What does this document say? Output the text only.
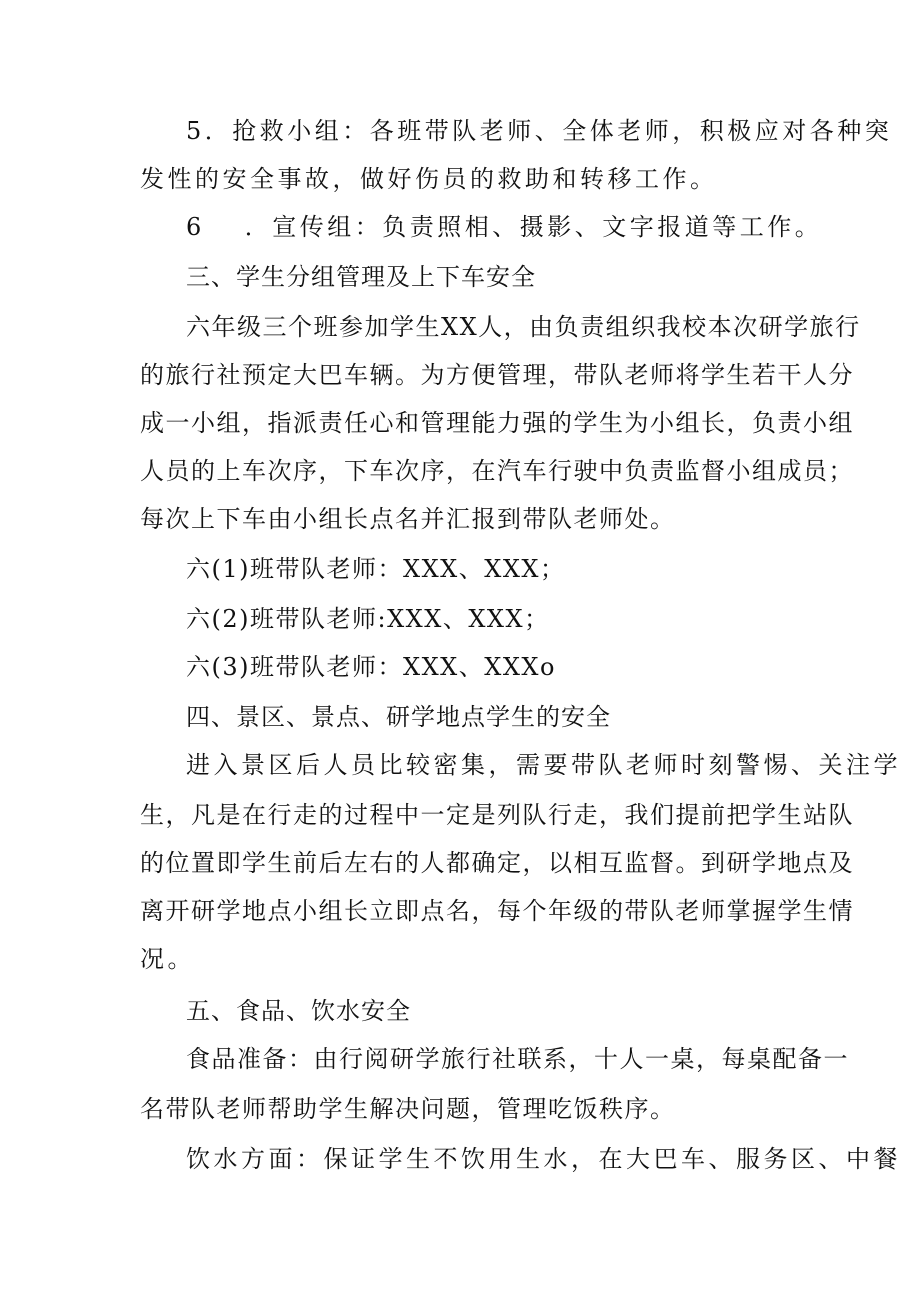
5．抢救小组：各班带队老师、全体老师，积极应对各种突
发性的安全事故，做好伤员的救助和转移工作。
6 ．宣传组：负责照相、摄影、文字报道等工作。
三、学生分组管理及上下车安全
六年级三个班参加学生XX人，由负责组织我校本次研学旅行
的旅行社预定大巴车辆。为方便管理，带队老师将学生若干人分
成一小组，指派责任心和管理能力强的学生为小组长，负责小组
人员的上车次序，下车次序，在汽车行驶中负责监督小组成员；
每次上下车由小组长点名并汇报到带队老师处。
六(1)班带队老师：XXX、XXX；
六(2)班带队老师:XXX、XXX；
六(3)班带队老师：XXX、XXXo
四、景区、景点、研学地点学生的安全
进入景区后人员比较密集，需要带队老师时刻警惕、关注学
生，凡是在行走的过程中一定是列队行走，我们提前把学生站队
的位置即学生前后左右的人都确定，以相互监督。到研学地点及
离开研学地点小组长立即点名，每个年级的带队老师掌握学生情
况。
五、食品、饮水安全
食品准备：由行阅研学旅行社联系，十人一桌，每桌配备一
名带队老师帮助学生解决问题，管理吃饭秩序。
饮水方面：保证学生不饮用生水，在大巴车、服务区、中餐
